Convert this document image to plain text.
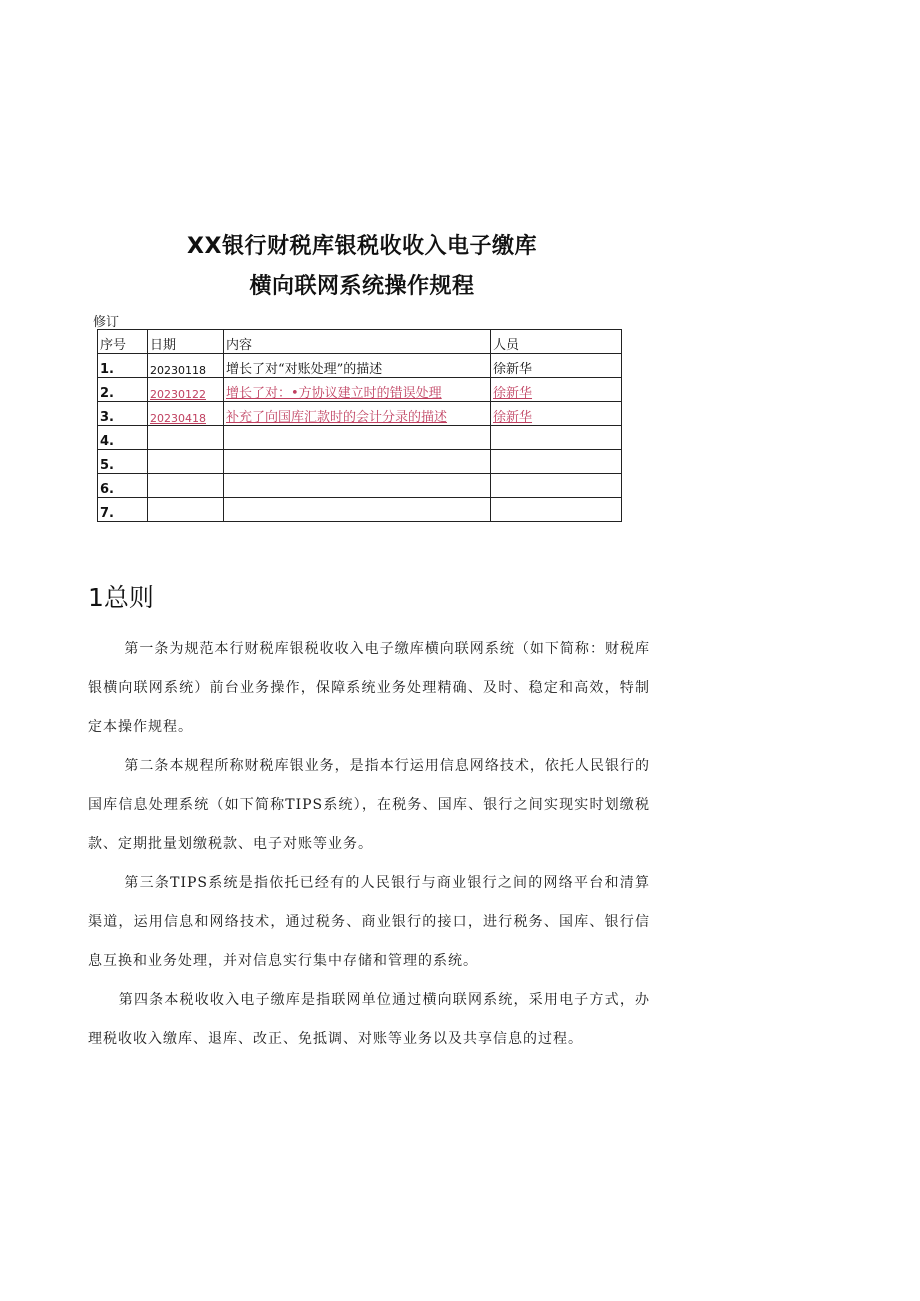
XX银行财税库银税收收入电子缴库
横向联网系统操作规程
修订
序号	日期	内容	人员
1.	20230118	增长了对“对账处理”的描述	徐新华
2.	20230122	增长了对：•方协议建立时的错误处理	徐新华
3.	20230418	补充了向国库汇款时的会计分录的描述	徐新华
4.			
5.			
6.			
7.			
1总则

第一条为规范本行财税库银税收收入电子缴库横向联网系统（如下简称：财税库银横向联网系统）前台业务操作，保障系统业务处理精确、及时、稳定和高效，特制定本操作规程。

第二条本规程所称财税库银业务，是指本行运用信息网络技术，依托人民银行的国库信息处理系统（如下简称TIPS系统），在税务、国库、银行之间实现实时划缴税款、定期批量划缴税款、电子对账等业务。

第三条TIPS系统是指依托已经有的人民银行与商业银行之间的网络平台和清算渠道，运用信息和网络技术，通过税务、商业银行的接口，进行税务、国库、银行信息互换和业务处理，并对信息实行集中存储和管理的系统。

第四条本税收收入电子缴库是指联网单位通过横向联网系统，采用电子方式，办理税收收入缴库、退库、改正、免抵调、对账等业务以及共享信息的过程。
